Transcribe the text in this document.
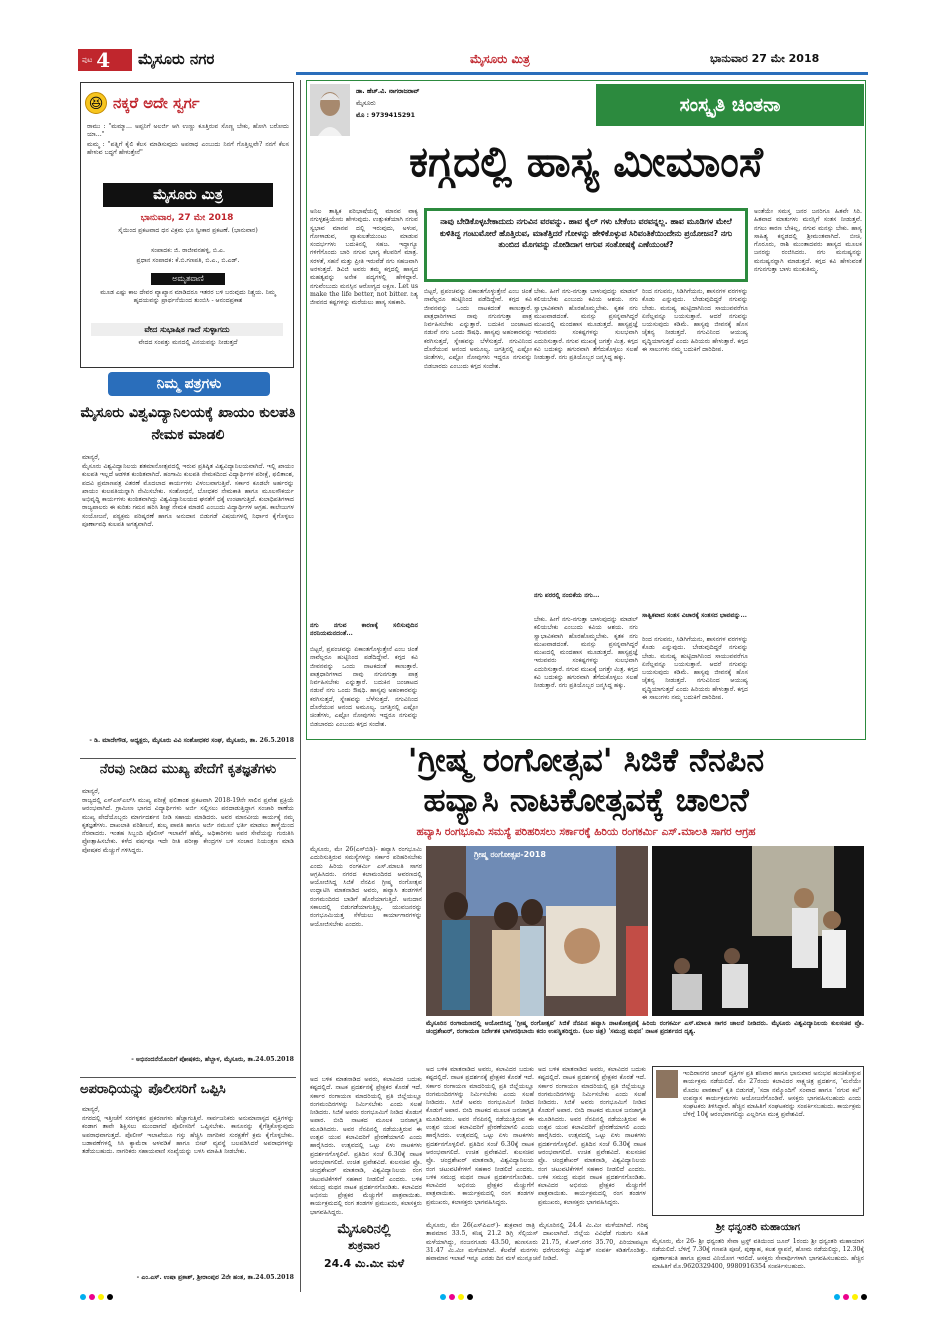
ಪುಟ 4 ಮೈಸೂರು ನಗರ	ಮೈಸೂರು ಮಿತ್ರ	ಭಾನುವಾರ 27 ಮೇ 2018
😆 ನಕ್ಕರೆ ಅದೇ ಸ್ವರ್ಗ
ರಾಮು : "ಮಮ್ಮಾ... ಅಪ್ಪನಿಗೆ ಅಲರ್ಜಿ ಆಗಿ ಉಣ್ಣು ಕೂತ್ತಿರುವ ಸೊಣ್ಣ ಬೇಕು, ಹೋಗಿ ಬರೋದು ಯಾ..."
ಮಮ್ಮ : "ಪತ್ನಿಗೆ ಕೈಲಿ ಕೆಲಸ ಮಾಡಿಸುವುದು ಅಪರಾಧ ಎಂಬುದು ನಿನಗೆ ಗೊತ್ತಿಲ್ಲವೇ? ನನಗೆ ಕೆಲಸ ಹೇಳುವ ಬದ್ಧಗೆ ಹೇಳುತ್ತೇನೆ"
ಮೈಸೂರು ಮಿತ್ರ
ಭಾನುವಾರ, 27 ಮೇ 2018
ಸೈಯಿಂದ ಪ್ರಕಟವಾದ ಧನ ವಿಕ್ರಮ ಭೂ ಸ್ವೀಕಾರ ಪ್ರಕಟಣೆ. (ಭಾನುವಾರ)
ಸಂಪಾದಕ: ಜಿ. ರಾಜೀವನಹಳ್ಳಿ, ಬಿ.ಎ.
ಪ್ರಧಾನ ಸಂಪಾದಕ: ಕೆ.ಬಿ.ಗಣಪತಿ, ಬಿ.ಎ., ಬಿ.ಎಡ್.
ಅಮೃತವಾಣಿ
ಮೂಡ ಎಷ್ಟು ಕಾಲ ದೇವರ ವ್ಯಾಖ್ಯಾನ ಮಾಡಿದರೂ ಇತರರ ಬಳಿ ಬರುವುದು ನಿಶ್ಚಯ. ನಿಮ್ಮ ಹೃದಯವನ್ನು ಪ್ರಾರ್ಥನೆಯಿಂದ ತುಂಬಿಸಿ - ಆನಂದಪ್ರಕಾಶ
ವೇದ ಸುಭಾಷಿತ ಗಾದೆ ಸುಳ್ಳಾಗದು
ವೇದದ ಸಂಪತ್ತು ಮನದಲ್ಲಿ ವಿನಯವನ್ನು ನೀಡುತ್ತದೆ
ನಿಮ್ಮ ಪತ್ರಗಳು
ಮೈಸೂರು ವಿಶ್ವವಿದ್ಯಾನಿಲಯಕ್ಕೆ ಖಾಯಂ ಕುಲಪತಿ ನೇಮಕ ಮಾಡಲಿ
ಮಾನ್ಯರೆ,
ಮೈಸೂರು ವಿಶ್ವವಿದ್ಯಾನಿಲಯ ಶತಮಾನೋತ್ಸವದಲ್ಲಿ ಇರುವ ಪ್ರತಿಷ್ಠಿತ ವಿಶ್ವವಿದ್ಯಾನಿಲಯವಾಗಿದೆ. ಇಲ್ಲಿ ಖಾಯಂ ಕುಲಪತಿ ಇಲ್ಲದೆ ಆಡಳಿತ ಕುಂಠಿತವಾಗಿದೆ. ಹಂಗಾಮಿ ಕುಲಪತಿ ನೇಮಕದಿಂದ ವಿದ್ಯಾರ್ಥಿಗಳ ಪರೀಕ್ಷೆ, ಫಲಿತಾಂಶ, ಪದವಿ ಪ್ರಮಾಣಪತ್ರ ವಿತರಣೆ ಮೊದಲಾದ ಕಾರ್ಯಗಳು ವಿಳಂಬವಾಗುತ್ತಿವೆ. ಸರ್ಕಾರ ಕೂಡಲೇ ಅರ್ಹರನ್ನು ಖಾಯಂ ಕುಲಪತಿಯನ್ನಾಗಿ ನೇಮಿಸಬೇಕು. ಸಂಶೋಧನೆ, ಬೋಧಕರ ನೇಮಕಾತಿ ಹಾಗೂ ಮೂಲಸೌಕರ್ಯ ಅಭಿವೃದ್ಧಿ ಕಾರ್ಯಗಳು ಕುಂಠಿತವಾಗಿದ್ದು ವಿಶ್ವವಿದ್ಯಾನಿಲಯದ ಘನತೆಗೆ ಧಕ್ಕೆ ಉಂಟಾಗುತ್ತಿದೆ. ಕುಲಾಧಿಪತಿಗಳಾದ ರಾಜ್ಯಪಾಲರು ಈ ಕುರಿತು ಗಮನ ಹರಿಸಿ ಶೀಘ್ರ ನೇಮಕ ಮಾಡಲಿ ಎಂಬುದು ವಿದ್ಯಾರ್ಥಿಗಳ ಆಗ್ರಹ. ಕಾಲೇಜುಗಳ ಸಂಯೋಜನೆ, ಪಠ್ಯಕ್ರಮ ಪರಿಷ್ಕರಣೆ ಹಾಗೂ ಅನುದಾನ ಬಿಡುಗಡೆ ವಿಷಯಗಳಲ್ಲಿ ನಿರ್ಧಾರ ಕೈಗೊಳ್ಳಲು ಪೂರ್ಣಾವಧಿ ಕುಲಪತಿ ಅಗತ್ಯವಾಗಿದೆ.
- ಡಿ. ಮಾದೇಗೌಡ, ಅಧ್ಯಕ್ಷರು, ಮೈಸೂರು ವಿವಿ ಸಂಶೋಧಕರ ಸಂಘ, ಮೈಸೂರು, ತಾ. 26.5.2018
ನೆರವು ನೀಡಿದ ಮುಖ್ಯ ಪೇದೆಗೆ ಕೃತಜ್ಞತೆಗಳು
ಮಾನ್ಯರೆ,
ರಾಜ್ಯದಲ್ಲಿ ಎಸ್ಎಸ್ಎಲ್‌ಸಿ ಮುಖ್ಯ ಪರೀಕ್ಷೆ ಫಲಿತಾಂಶ ಪ್ರಕಟವಾಗಿ 2018-19ನೇ ಸಾಲಿನ ಪ್ರವೇಶ ಪ್ರಕ್ರಿಯೆ ಆರಂಭವಾಗಿದೆ. ಗ್ರಾಮೀಣ ಭಾಗದ ವಿದ್ಯಾರ್ಥಿಗಳು ಅರ್ಜಿ ಸಲ್ಲಿಸಲು ಪರದಾಡುತ್ತಿದ್ದಾಗ ಸಂಚಾರಿ ಠಾಣೆಯ ಮುಖ್ಯ ಪೇದೆಯೊಬ್ಬರು ಮಾರ್ಗದರ್ಶನ ನೀಡಿ ಸಹಾಯ ಮಾಡಿದರು. ಅವರ ಮಾನವೀಯ ಕಾರ್ಯಕ್ಕೆ ನಮ್ಮ ಕೃತಜ್ಞತೆಗಳು. ದಾಖಲಾತಿ ಪರಿಶೀಲನೆ, ಶುಲ್ಕ ಪಾವತಿ ಹಾಗೂ ಅರ್ಜಿ ನಮೂನೆ ಭರ್ತಿ ಮಾಡಲು ತಾಳ್ಮೆಯಿಂದ ನೆರವಾದರು. ಇಂತಹ ಸಿಬ್ಬಂದಿ ಪೊಲೀಸ್ ಇಲಾಖೆಗೆ ಹೆಮ್ಮೆ. ಅಧಿಕಾರಿಗಳು ಅವರ ಸೇವೆಯನ್ನು ಗುರುತಿಸಿ ಪ್ರೋತ್ಸಾಹಿಸಬೇಕು. ಕಳೆದ ವರ್ಷವೂ ಇದೇ ರೀತಿ ಪರೀಕ್ಷಾ ಕೇಂದ್ರಗಳ ಬಳಿ ಸಂಚಾರ ನಿಯಂತ್ರಣ ಮಾಡಿ ಪೋಷಕರ ಮೆಚ್ಚುಗೆ ಗಳಿಸಿದ್ದರು.
- ಅಭಿನಂದನೆಯೊಂದಿಗೆ ಪೋಷಕರು, ಹೆಬ್ಬಾಳ, ಮೈಸೂರು, ತಾ.24.05.2018
ಅಪರಾಧಿಯನ್ನು ಪೊಲೀಸರಿಗೆ ಒಪ್ಪಿಸಿ
ಮಾನ್ಯರೆ,
ನಗರದಲ್ಲಿ ಇತ್ತೀಚೆಗೆ ಸರಗಳ್ಳತನ ಪ್ರಕರಣಗಳು ಹೆಚ್ಚಾಗುತ್ತಿವೆ. ಸಾರ್ವಜನಿಕರು ಅನುಮಾನಾಸ್ಪದ ವ್ಯಕ್ತಿಗಳನ್ನು ಕಂಡಾಗ ತಾವೇ ಶಿಕ್ಷಿಸಲು ಮುಂದಾಗದೆ ಪೊಲೀಸರಿಗೆ ಒಪ್ಪಿಸಬೇಕು. ಕಾನೂನನ್ನು ಕೈಗೆತ್ತಿಕೊಳ್ಳುವುದು ಅಪರಾಧವಾಗುತ್ತದೆ. ಪೊಲೀಸ್ ಇಲಾಖೆಯೂ ಗಸ್ತು ಹೆಚ್ಚಿಸಿ ನಾಗರಿಕರ ಸುರಕ್ಷತೆಗೆ ಕ್ರಮ ಕೈಗೊಳ್ಳಬೇಕು. ಬಡಾವಣೆಗಳಲ್ಲಿ ಸಿಸಿ ಕ್ಯಾಮೆರಾ ಅಳವಡಿಕೆ ಹಾಗೂ ಬೀಟ್ ವ್ಯವಸ್ಥೆ ಬಲಪಡಿಸಿದರೆ ಅಪರಾಧಗಳನ್ನು ತಡೆಯಬಹುದು. ನಾಗರಿಕರು ಸಹಾಯವಾಣಿ ಸಂಖ್ಯೆಯನ್ನು ಬಳಸಿ ಮಾಹಿತಿ ನೀಡಬೇಕು.
- ಎಂ.ಎಸ್. ಉಷಾ ಪ್ರಕಾಶ್, ಶ್ರೀರಾಂಪುರ 2ನೇ ಹಂತ, ತಾ.24.05.2018
ಡಾ. ಹೆಚ್.ವಿ. ನಾಗರಾಜರಾವ್
ಮೈಸೂರು
ಮೊ : 9739415291	ಸಂಸ್ಕೃತಿ ಚಿಂತನಾ
ಕಗ್ಗದಲ್ಲಿ ಹಾಸ್ಯ ಮೀಮಾಂಸೆ
ನಾವು ಬೇಡಿಕೊಳ್ಳಬೇಕಾದುದು ನಗುವಿನ ವರವನ್ನು. ಹಾವ ಕೈಲ್ ಗಳು ಬೇಕೆಂಬ ವರವನ್ನಲ್ಲ. ಹಾವ ಮೂಡಿಗಳ ಮೇಲೆ ಕುಳಿತಿದ್ದ ಗಂಟುಮೋರೆ ಹೊತ್ತಿರುವ, ಮಾತೆತ್ತಿದರೆ ಗೋಳನ್ನು ಹೇಳಿಕೊಳ್ಳುವ ಸಿರಿವಂತಿಕೆಯಿಂದೇನು ಪ್ರಯೋಜನ? ನಗು ತುಂಬಿದ ಮೊಗವನ್ನು ನೋಡಿದಾಗ ಆಗುವ ಸಂತೋಷಕ್ಕೆ ಎಣೆಯುಂಟೆ?
ಅನಿಲ ತಾತ್ವಿಕ ಪರಿಭಾಷೆಯಲ್ಲಿ ಮಾನವ ವಾಕ್ಯ ನಗುಳ್ಳಶಕ್ತಿಯೇನು ಹೇಳುವುದು. ಉತ್ಸುಕತೆಯಾಗಿ ನಗುವ ಸ್ವಭಾವ ಮಾನವ ದಲ್ಲಿ ಇರುವುದು, ಅಳುವ, ಗೋಳಾಡುವ, ವ್ಯಾಕುಲತೆಯುಂಟು ಮಾಡುವ ಸಂದರ್ಭಗಳು ಬದುಕಿನಲ್ಲಿ ಸಹಜ. ಇದ್ದಾಗ್ಯೂ ಗಳಿಗೆಗೊಂದು ಬಾರಿ ನಗುವ ಭಾಗ್ಯ ಕೆಲವರಿಗೆ ಮಾತ್ರ. ಸರಳತೆ, ಸಹನೆ ಮತ್ತು ಪ್ರೀತಿ ಇರುವೆಡೆ ನಗು ಸಹಜವಾಗಿ ಅರಳುತ್ತದೆ. ಡಿವಿಜಿ ಅವರು ತಮ್ಮ ಕಗ್ಗದಲ್ಲಿ ಹಾಸ್ಯದ ಮಹತ್ವವನ್ನು ಅನೇಕ ಪದ್ಯಗಳಲ್ಲಿ ಹೇಳಿದ್ದಾರೆ. ನಗುವೆಂಬುದು ಮನಸ್ಸಿನ ಆರೋಗ್ಯದ ಲಕ್ಷಣ. Let us make the life better, not bitter. ನಿತ್ಯ ಜೀವನದ ಕಷ್ಟಗಳನ್ನು ಮರೆಯಲು ಹಾಸ್ಯ ಸಹಕಾರಿ.
ನಗು ನಗುವ ಕಾರಣಕ್ಕೆ ಸಲಿಸುವುದಿನ ನರನಿಯಮನದಂತೆ...
ಬಿಟ್ಟರೆ, ಪ್ರಪಂಚವನ್ನು ಏಕಾಂತಗೊಳ್ಳುತ್ತೇನೆ ಎಂಬ ಚಿಂತೆ ನಾವೆಲ್ಲರೂ ಹುಟ್ಟಿನಿಂದ ಪಡೆದಿದ್ದೇವೆ. ಕಗ್ಗದ ಕವಿ ಜೀವನವನ್ನು ಒಂದು ನಾಟಕದಂತೆ ಕಾಣುತ್ತಾರೆ. ಪಾತ್ರಧಾರಿಗಳಾದ ನಾವು ನಗುನಗುತ್ತಾ ಪಾತ್ರ ನಿರ್ವಹಿಸಬೇಕು ಎನ್ನುತ್ತಾರೆ. ಬದುಕಿನ ಜಂಜಾಟದ ನಡುವೆ ನಗು ಒಂದು ಔಷಧಿ. ಹಾಸ್ಯವು ಅಹಂಕಾರವನ್ನು ಕರಗಿಸುತ್ತದೆ, ಸ್ನೇಹವನ್ನು ಬೆಳೆಸುತ್ತದೆ. ನಗುವಿನಿಂದ ದೊರೆಯುವ ಆನಂದ ಅಮೂಲ್ಯ. ಜಗತ್ತಿನಲ್ಲಿ ಎಷ್ಟೋ ಚಿಂತೆಗಳು, ಎಷ್ಟೋ ನೋವುಗಳು ಇದ್ದರೂ ನಗುವನ್ನು ಬಿಡಬಾರದು ಎಂಬುದು ಕಗ್ಗದ ಸಂದೇಶ.
ಬಿಟ್ಟರೆ, ಪ್ರಪಂಚವನ್ನು ಏಕಾಂತಗೊಳ್ಳುತ್ತೇನೆ ಎಂಬ ಚಿಂತೆ ನಾವೆಲ್ಲರೂ ಹುಟ್ಟಿನಿಂದ ಪಡೆದಿದ್ದೇವೆ. ಕಗ್ಗದ ಕವಿ ಜೀವನವನ್ನು ಒಂದು ನಾಟಕದಂತೆ ಕಾಣುತ್ತಾರೆ. ಪಾತ್ರಧಾರಿಗಳಾದ ನಾವು ನಗುನಗುತ್ತಾ ಪಾತ್ರ ನಿರ್ವಹಿಸಬೇಕು ಎನ್ನುತ್ತಾರೆ. ಬದುಕಿನ ಜಂಜಾಟದ ನಡುವೆ ನಗು ಒಂದು ಔಷಧಿ. ಹಾಸ್ಯವು ಅಹಂಕಾರವನ್ನು ಕರಗಿಸುತ್ತದೆ, ಸ್ನೇಹವನ್ನು ಬೆಳೆಸುತ್ತದೆ. ನಗುವಿನಿಂದ ದೊರೆಯುವ ಆನಂದ ಅಮೂಲ್ಯ. ಜಗತ್ತಿನಲ್ಲಿ ಎಷ್ಟೋ ಚಿಂತೆಗಳು, ಎಷ್ಟೋ ನೋವುಗಳು ಇದ್ದರೂ ನಗುವನ್ನು ಬಿಡಬಾರದು ಎಂಬುದು ಕಗ್ಗದ ಸಂದೇಶ.
ಬೇಕು. ಹೀಗೆ ನಗು-ನಗುತ್ತಾ ಬಾಳುವುದನ್ನು ಮಾಡಲ್ ಕಲಿಯಬೇಕು ಎಂಬುದು ಕವಿಯ ಆಶಯ. ನಗು ಸ್ವಾಭಾವಿಕವಾಗಿ ಹೊರಹೊಮ್ಮಬೇಕು. ಕೃತಕ ನಗು ಮುಖವಾಡದಂತೆ. ಮನಸ್ಸು ಪ್ರಸನ್ನವಾಗಿದ್ದರೆ ಮುಖದಲ್ಲಿ ಮಂದಹಾಸ ಮೂಡುತ್ತದೆ. ಹಾಸ್ಯಪ್ರಜ್ಞೆ ಇರುವವರು ಸಂಕಷ್ಟಗಳನ್ನು ಸುಲಭವಾಗಿ ಎದುರಿಸುತ್ತಾರೆ. ನಗುವ ಮುಖಕ್ಕೆ ಜಗತ್ತೇ ಮಿತ್ರ. ಕಗ್ಗದ ಕವಿ ಬದುಕನ್ನು ಹಗುರವಾಗಿ ತೆಗೆದುಕೊಳ್ಳಲು ಸಲಹೆ ನೀಡುತ್ತಾರೆ. ನಗು ಪ್ರತಿಯೊಬ್ಬರ ಜನ್ಮಸಿದ್ಧ ಹಕ್ಕು.
ನಗು ಪರರಲ್ಲಿ ನಂಬಿಕೆಯ ನಗು...
ಬೇಕು. ಹೀಗೆ ನಗು-ನಗುತ್ತಾ ಬಾಳುವುದನ್ನು ಮಾಡಲ್ ಕಲಿಯಬೇಕು ಎಂಬುದು ಕವಿಯ ಆಶಯ. ನಗು ಸ್ವಾಭಾವಿಕವಾಗಿ ಹೊರಹೊಮ್ಮಬೇಕು. ಕೃತಕ ನಗು ಮುಖವಾಡದಂತೆ. ಮನಸ್ಸು ಪ್ರಸನ್ನವಾಗಿದ್ದರೆ ಮುಖದಲ್ಲಿ ಮಂದಹಾಸ ಮೂಡುತ್ತದೆ. ಹಾಸ್ಯಪ್ರಜ್ಞೆ ಇರುವವರು ಸಂಕಷ್ಟಗಳನ್ನು ಸುಲಭವಾಗಿ ಎದುರಿಸುತ್ತಾರೆ. ನಗುವ ಮುಖಕ್ಕೆ ಜಗತ್ತೇ ಮಿತ್ರ. ಕಗ್ಗದ ಕವಿ ಬದುಕನ್ನು ಹಗುರವಾಗಿ ತೆಗೆದುಕೊಳ್ಳಲು ಸಲಹೆ ನೀಡುತ್ತಾರೆ. ನಗು ಪ್ರತಿಯೊಬ್ಬರ ಜನ್ಮಸಿದ್ಧ ಹಕ್ಕು.
ರಿಂದ ನಗುವನು, ಸಿಡಿಗಿಗೆಯನು, ಶಾಸನಗಳ ವರಗಳನ್ನು ಕೊಡು ಎನ್ನುವುದು. ಬೇಡುವುದಿದ್ದರೆ ನಗುವನ್ನು ಬೇಡು. ಮನುಷ್ಯ ಹುಟ್ಟಿದಾಗಿನಿಂದ ಸಾಯುವವರೆಗೂ ಏನೆಲ್ಲವನ್ನೂ ಬಯಸುತ್ತಾನೆ. ಆದರೆ ನಗುವನ್ನು ಬಯಸುವುದು ಕಡಿಮೆ. ಹಾಸ್ಯವು ಜೀವನಕ್ಕೆ ಹೊಸ ಚೈತನ್ಯ ನೀಡುತ್ತದೆ. ನಗುವಿನಿಂದ ಆಯುಷ್ಯ ವೃದ್ಧಿಯಾಗುತ್ತದೆ ಎಂದು ಹಿರಿಯರು ಹೇಳುತ್ತಾರೆ. ಕಗ್ಗದ ಈ ಸಾಲುಗಳು ನಮ್ಮ ಬದುಕಿಗೆ ದಾರಿದೀಪ.
ಸಾತ್ವಿಕವಾದ ಸಂತಸ ವಿಚಾರಕ್ಕೆ ಸಂತಸದ ಭಾವವನ್ನು...
ರಿಂದ ನಗುವನು, ಸಿಡಿಗಿಗೆಯನು, ಶಾಸನಗಳ ವರಗಳನ್ನು ಕೊಡು ಎನ್ನುವುದು. ಬೇಡುವುದಿದ್ದರೆ ನಗುವನ್ನು ಬೇಡು. ಮನುಷ್ಯ ಹುಟ್ಟಿದಾಗಿನಿಂದ ಸಾಯುವವರೆಗೂ ಏನೆಲ್ಲವನ್ನೂ ಬಯಸುತ್ತಾನೆ. ಆದರೆ ನಗುವನ್ನು ಬಯಸುವುದು ಕಡಿಮೆ. ಹಾಸ್ಯವು ಜೀವನಕ್ಕೆ ಹೊಸ ಚೈತನ್ಯ ನೀಡುತ್ತದೆ. ನಗುವಿನಿಂದ ಆಯುಷ್ಯ ವೃದ್ಧಿಯಾಗುತ್ತದೆ ಎಂದು ಹಿರಿಯರು ಹೇಳುತ್ತಾರೆ. ಕಗ್ಗದ ಈ ಸಾಲುಗಳು ನಮ್ಮ ಬದುಕಿಗೆ ದಾರಿದೀಪ.
ಅಂತೆಯೇ ಸಮಸ್ತ ಜನರ ಜನರಿಗೂ ಹಿತವೇ ಸಿರಿ. ಹಿತವಾದ ಮಾತುಗಳು ಮನಸ್ಸಿಗೆ ಸಂತಸ ನೀಡುತ್ತವೆ. ನಗಲು ಕಾರಣ ಬೇಕಿಲ್ಲ, ನಗುವ ಮನಸ್ಸು ಬೇಕು. ಹಾಸ್ಯ ಸಾಹಿತ್ಯ ಕನ್ನಡದಲ್ಲಿ ಶ್ರೀಮಂತವಾಗಿದೆ. ಬೀಚಿ, ಗೊರೂರು, ರಾಶಿ ಮುಂತಾದವರು ಹಾಸ್ಯದ ಮೂಲಕ ಜನರನ್ನು ರಂಜಿಸಿದರು. ನಗು ಮನುಷ್ಯನನ್ನು ಮನುಷ್ಯನನ್ನಾಗಿ ಮಾಡುತ್ತದೆ. ಕಗ್ಗದ ಕವಿ ಹೇಳುವಂತೆ ನಗುನಗುತ್ತಾ ಬಾಳು ಮಂಕುತಿಮ್ಮ.
'ಗ್ರೀಷ್ಮ ರಂಗೋತ್ಸವ' ಸಿಜಿಕೆ ನೆನಪಿನ
ಹವ್ಯಾಸಿ ನಾಟಕೋತ್ಸವಕ್ಕೆ ಚಾಲನೆ
ಹವ್ಯಾಸಿ ರಂಗಭೂಮಿ ಸಮಸ್ಯೆ ಪರಿಹರಿಸಲು ಸರ್ಕಾರಕ್ಕೆ ಹಿರಿಯ ರಂಗಕರ್ಮಿ ಎಸ್.ಮಾಲತಿ ಸಾಗರ ಆಗ್ರಹ
ಮೈಸೂರು, ಮೇ 26(ಎಸ್‌ಬಿಡಿ)- ಹವ್ಯಾಸಿ ರಂಗಭೂಮಿ ಎದುರಿಸುತ್ತಿರುವ ಸಮಸ್ಯೆಗಳನ್ನು ಸರ್ಕಾರ ಪರಿಹರಿಸಬೇಕು ಎಂದು ಹಿರಿಯ ರಂಗಕರ್ಮಿ ಎಸ್.ಮಾಲತಿ ಸಾಗರ ಆಗ್ರಹಿಸಿದರು. ನಗರದ ಕಲಾಮಂದಿರದ ಆವರಣದಲ್ಲಿ ಆಯೋಜಿಸಿದ್ದ ಸಿಜಿಕೆ ನೆನಪಿನ ಗ್ರೀಷ್ಮ ರಂಗೋತ್ಸವ ಉದ್ಘಾಟಿಸಿ ಮಾತನಾಡಿದ ಅವರು, ಹವ್ಯಾಸಿ ತಂಡಗಳಿಗೆ ರಂಗಮಂದಿರದ ಬಾಡಿಗೆ ಹೊರೆಯಾಗುತ್ತಿದೆ. ಅನುದಾನ ಸಕಾಲದಲ್ಲಿ ಬಿಡುಗಡೆಯಾಗುತ್ತಿಲ್ಲ. ಯುವಜನರನ್ನು ರಂಗಭೂಮಿಯತ್ತ ಸೆಳೆಯಲು ಕಾರ್ಯಾಗಾರಗಳನ್ನು ಆಯೋಜಿಸಬೇಕು ಎಂದರು.
ಗ್ರೀಷ್ಮ ರಂಗೋತ್ಸವ-2018
ಮೈಸೂರಿನ ರಂಗಾಯಣದಲ್ಲಿ ಆಯೋಜಿಸಿದ್ದ 'ಗ್ರೀಷ್ಮ ರಂಗೋತ್ಸವ' ಸಿಜಿಕೆ ನೆನಪಿನ ಹವ್ಯಾಸಿ ನಾಟಕೋತ್ಸವಕ್ಕೆ ಹಿರಿಯ ರಂಗಕರ್ಮಿ ಎಸ್.ಮಾಲತಿ ಸಾಗರ ಚಾಲನೆ ನೀಡಿದರು. ಮೈಸೂರು ವಿಶ್ವವಿದ್ಯಾನಿಲಯ ಕುಲಸಚಿವ ಪ್ರೊ. ಚಂದ್ರಶೇಖರ್, ರಂಗಾಯಣ ನಿರ್ದೇಶಕ ಭಾಗೀರಥಿಬಾಯಿ ಕದಂ ಉಪಸ್ಥಿತರಿದ್ದರು. (ಬಲ ಚಿತ್ರ) 'ಸಮುದ್ರ ಮಥನ' ನಾಟಕ ಪ್ರದರ್ಶನದ ದೃಶ್ಯ.
ಅದ ಬಳಿಕ ಮಾತನಾಡಿದ ಅವರು, ಕಲಾವಿದರ ಬದುಕು ಕಷ್ಟದಲ್ಲಿದೆ. ನಾಟಕ ಪ್ರದರ್ಶನಕ್ಕೆ ಪ್ರೇಕ್ಷಕರ ಕೊರತೆ ಇದೆ. ಸರ್ಕಾರ ರಂಗಾಯಣ ಮಾದರಿಯಲ್ಲಿ ಪ್ರತಿ ಜಿಲ್ಲೆಯಲ್ಲೂ ರಂಗಮಂದಿರಗಳನ್ನು ನಿರ್ಮಿಸಬೇಕು ಎಂದು ಸಲಹೆ ನೀಡಿದರು. ಸಿಜಿಕೆ ಅವರು ರಂಗಭೂಮಿಗೆ ನೀಡಿದ ಕೊಡುಗೆ ಅಪಾರ. ಬೀದಿ ನಾಟಕದ ಮೂಲಕ ಜನಜಾಗೃತಿ ಮೂಡಿಸಿದರು. ಅವರ ನೆನಪಿನಲ್ಲಿ ನಡೆಯುತ್ತಿರುವ ಈ ಉತ್ಸವ ಯುವ ಕಲಾವಿದರಿಗೆ ಪ್ರೇರಣೆಯಾಗಲಿ ಎಂದು ಹಾರೈಸಿದರು. ಉತ್ಸವದಲ್ಲಿ ಒಟ್ಟು ಏಳು ನಾಟಕಗಳು ಪ್ರದರ್ಶನಗೊಳ್ಳಲಿವೆ. ಪ್ರತಿದಿನ ಸಂಜೆ 6.30ಕ್ಕೆ ನಾಟಕ ಆರಂಭವಾಗಲಿದೆ. ಉಚಿತ ಪ್ರವೇಶವಿದೆ. ಕುಲಸಚಿವ ಪ್ರೊ. ಚಂದ್ರಶೇಖರ್ ಮಾತನಾಡಿ, ವಿಶ್ವವಿದ್ಯಾನಿಲಯ ರಂಗ ಚಟುವಟಿಕೆಗಳಿಗೆ ಸಹಕಾರ ನೀಡಲಿದೆ ಎಂದರು. ಬಳಿಕ ಸಮುದ್ರ ಮಥನ ನಾಟಕ ಪ್ರದರ್ಶನಗೊಂಡಿತು. ಕಲಾವಿದರ ಅಭಿನಯ ಪ್ರೇಕ್ಷಕರ ಮೆಚ್ಚುಗೆಗೆ ಪಾತ್ರವಾಯಿತು. ಕಾರ್ಯಕ್ರಮದಲ್ಲಿ ರಂಗ ತಂಡಗಳ ಪ್ರಮುಖರು, ಕಲಾಸಕ್ತರು ಭಾಗವಹಿಸಿದ್ದರು.
ಅದ ಬಳಿಕ ಮಾತನಾಡಿದ ಅವರು, ಕಲಾವಿದರ ಬದುಕು ಕಷ್ಟದಲ್ಲಿದೆ. ನಾಟಕ ಪ್ರದರ್ಶನಕ್ಕೆ ಪ್ರೇಕ್ಷಕರ ಕೊರತೆ ಇದೆ. ಸರ್ಕಾರ ರಂಗಾಯಣ ಮಾದರಿಯಲ್ಲಿ ಪ್ರತಿ ಜಿಲ್ಲೆಯಲ್ಲೂ ರಂಗಮಂದಿರಗಳನ್ನು ನಿರ್ಮಿಸಬೇಕು ಎಂದು ಸಲಹೆ ನೀಡಿದರು. ಸಿಜಿಕೆ ಅವರು ರಂಗಭೂಮಿಗೆ ನೀಡಿದ ಕೊಡುಗೆ ಅಪಾರ. ಬೀದಿ ನಾಟಕದ ಮೂಲಕ ಜನಜಾಗೃತಿ ಮೂಡಿಸಿದರು. ಅವರ ನೆನಪಿನಲ್ಲಿ ನಡೆಯುತ್ತಿರುವ ಈ ಉತ್ಸವ ಯುವ ಕಲಾವಿದರಿಗೆ ಪ್ರೇರಣೆಯಾಗಲಿ ಎಂದು ಹಾರೈಸಿದರು. ಉತ್ಸವದಲ್ಲಿ ಒಟ್ಟು ಏಳು ನಾಟಕಗಳು ಪ್ರದರ್ಶನಗೊಳ್ಳಲಿವೆ. ಪ್ರತಿದಿನ ಸಂಜೆ 6.30ಕ್ಕೆ ನಾಟಕ ಆರಂಭವಾಗಲಿದೆ. ಉಚಿತ ಪ್ರವೇಶವಿದೆ. ಕುಲಸಚಿವ ಪ್ರೊ. ಚಂದ್ರಶೇಖರ್ ಮಾತನಾಡಿ, ವಿಶ್ವವಿದ್ಯಾನಿಲಯ ರಂಗ ಚಟುವಟಿಕೆಗಳಿಗೆ ಸಹಕಾರ ನೀಡಲಿದೆ ಎಂದರು. ಬಳಿಕ ಸಮುದ್ರ ಮಥನ ನಾಟಕ ಪ್ರದರ್ಶನಗೊಂಡಿತು. ಕಲಾವಿದರ ಅಭಿನಯ ಪ್ರೇಕ್ಷಕರ ಮೆಚ್ಚುಗೆಗೆ ಪಾತ್ರವಾಯಿತು. ಕಾರ್ಯಕ್ರಮದಲ್ಲಿ ರಂಗ ತಂಡಗಳ ಪ್ರಮುಖರು, ಕಲಾಸಕ್ತರು ಭಾಗವಹಿಸಿದ್ದರು.
ಅದ ಬಳಿಕ ಮಾತನಾಡಿದ ಅವರು, ಕಲಾವಿದರ ಬದುಕು ಕಷ್ಟದಲ್ಲಿದೆ. ನಾಟಕ ಪ್ರದರ್ಶನಕ್ಕೆ ಪ್ರೇಕ್ಷಕರ ಕೊರತೆ ಇದೆ. ಸರ್ಕಾರ ರಂಗಾಯಣ ಮಾದರಿಯಲ್ಲಿ ಪ್ರತಿ ಜಿಲ್ಲೆಯಲ್ಲೂ ರಂಗಮಂದಿರಗಳನ್ನು ನಿರ್ಮಿಸಬೇಕು ಎಂದು ಸಲಹೆ ನೀಡಿದರು. ಸಿಜಿಕೆ ಅವರು ರಂಗಭೂಮಿಗೆ ನೀಡಿದ ಕೊಡುಗೆ ಅಪಾರ. ಬೀದಿ ನಾಟಕದ ಮೂಲಕ ಜನಜಾಗೃತಿ ಮೂಡಿಸಿದರು. ಅವರ ನೆನಪಿನಲ್ಲಿ ನಡೆಯುತ್ತಿರುವ ಈ ಉತ್ಸವ ಯುವ ಕಲಾವಿದರಿಗೆ ಪ್ರೇರಣೆಯಾಗಲಿ ಎಂದು ಹಾರೈಸಿದರು. ಉತ್ಸವದಲ್ಲಿ ಒಟ್ಟು ಏಳು ನಾಟಕಗಳು ಪ್ರದರ್ಶನಗೊಳ್ಳಲಿವೆ. ಪ್ರತಿದಿನ ಸಂಜೆ 6.30ಕ್ಕೆ ನಾಟಕ ಆರಂಭವಾಗಲಿದೆ. ಉಚಿತ ಪ್ರವೇಶವಿದೆ. ಕುಲಸಚಿವ ಪ್ರೊ. ಚಂದ್ರಶೇಖರ್ ಮಾತನಾಡಿ, ವಿಶ್ವವಿದ್ಯಾನಿಲಯ ರಂಗ ಚಟುವಟಿಕೆಗಳಿಗೆ ಸಹಕಾರ ನೀಡಲಿದೆ ಎಂದರು. ಬಳಿಕ ಸಮುದ್ರ ಮಥನ ನಾಟಕ ಪ್ರದರ್ಶನಗೊಂಡಿತು. ಕಲಾವಿದರ ಅಭಿನಯ ಪ್ರೇಕ್ಷಕರ ಮೆಚ್ಚುಗೆಗೆ ಪಾತ್ರವಾಯಿತು. ಕಾರ್ಯಕ್ರಮದಲ್ಲಿ ರಂಗ ತಂಡಗಳ ಪ್ರಮುಖರು, ಕಲಾಸಕ್ತರು ಭಾಗವಹಿಸಿದ್ದರು.
ಇಂದಿರಾನಗರ ಜಾಂಜ್ ವ್ಯಕ್ತಿಗಳ ಪ್ರತಿ ಶನಿವಾರ ಹಾಗೂ ಭಾನುವಾರ ಅನುಭವ ಹಂಚಿಕೊಳ್ಳುವ ಕಾರ್ಯಕ್ರಮ ನಡೆಯಲಿದೆ. ಮೇ 27ರಂದು ಕಲಾವಿದರ ಸಾಕ್ಷ್ಯಚಿತ್ರ ಪ್ರದರ್ಶನ, 'ಮನೆಯೇ ಮೊದಲ ಪಾಠಶಾಲೆ' ಕೃತಿ ಬಿಡುಗಡೆ, 'ಸದಾ ನಮ್ಮೊಂದಿಗೆ' ಸಂವಾದ ಹಾಗೂ 'ನಗುವ ಕಲೆ' ಉಪನ್ಯಾಸ ಕಾರ್ಯಕ್ರಮಗಳು ಆಯೋಜನೆಗೊಂಡಿವೆ. ಆಸಕ್ತರು ಭಾಗವಹಿಸಬಹುದು ಎಂದು ಸಂಘಟಕರು ತಿಳಿಸಿದ್ದಾರೆ. ಹೆಚ್ಚಿನ ಮಾಹಿತಿಗೆ ಸಂಘಟಕರನ್ನು ಸಂಪರ್ಕಿಸಬಹುದು. ಕಾರ್ಯಕ್ರಮ ಬೆಳಿಗ್ಗೆ 10ಕ್ಕೆ ಆರಂಭವಾಗಲಿದ್ದು ಎಲ್ಲರಿಗೂ ಮುಕ್ತ ಪ್ರವೇಶವಿದೆ.
ಮೈಸೂರಿನಲ್ಲಿ
ಶುಕ್ರವಾರ
24.4 ಮಿ.ಮೀ ಮಳೆ
ಮೈಸೂರು, ಮೇ 26(ಎಸ್‌ಪಿಎನ್)- ಶುಕ್ರವಾರ ರಾತ್ರಿ ಮೈಸೂರಿನಲ್ಲಿ 24.4 ಮಿ.ಮೀ ಮಳೆಯಾಗಿದೆ. ಗರಿಷ್ಠ ತಾಪಮಾನ 33.5, ಕನಿಷ್ಠ 21.2 ಡಿಗ್ರಿ ಸೆಲ್ಸಿಯಸ್ ದಾಖಲಾಗಿದೆ. ಜಿಲ್ಲೆಯ ವಿವಿಧೆಡೆ ಗುಡುಗು ಸಹಿತ ಮಳೆಯಾಗಿದ್ದು, ನಂಜನಗೂಡು 43.50, ಹುಣಸೂರು 21.75, ಕೆ.ಆರ್.ನಗರ 35.70, ಪಿರಿಯಾಪಟ್ಟಣ 31.47 ಮಿ.ಮೀ ಮಳೆಯಾಗಿದೆ. ಕೆಲವೆಡೆ ಮರಗಳು ಧರೆಗುರುಳಿದ್ದು ವಿದ್ಯುತ್ ಸಂಪರ್ಕ ಕಡಿತಗೊಂಡಿತ್ತು. ಹವಾಮಾನ ಇಲಾಖೆ ಇನ್ನೂ ಎರಡು ದಿನ ಮಳೆ ಮುನ್ಸೂಚನೆ ನೀಡಿದೆ.
ಶ್ರೀ ಧನ್ವಂತರಿ ಮಹಾಯಾಗ
ಮೈಸೂರು, ಮೇ 26- ಶ್ರೀ ಧನ್ವಂತರಿ ಸೇವಾ ಟ್ರಸ್ಟ್ ವತಿಯಿಂದ ಜೂನ್ 1ರಂದು ಶ್ರೀ ಧನ್ವಂತರಿ ಮಹಾಯಾಗ ನಡೆಯಲಿದೆ. ಬೆಳಿಗ್ಗೆ 7.30ಕ್ಕೆ ಗಣಪತಿ ಪೂಜೆ, ಪುಣ್ಯಾಹ, ಕಲಶ ಸ್ಥಾಪನೆ, ಹೋಮ ನಡೆಯಲಿದ್ದು, 12.30ಕ್ಕೆ ಪೂರ್ಣಾಹುತಿ ಹಾಗೂ ಪ್ರಸಾದ ವಿನಿಯೋಗ ಇರಲಿದೆ. ಆಸಕ್ತರು ಸೇವಾರ್ಥಿಗಳಾಗಿ ಭಾಗವಹಿಸಬಹುದು. ಹೆಚ್ಚಿನ ಮಾಹಿತಿಗೆ ಮೊ.9620329400, 9980916354 ಸಂಪರ್ಕಿಸಬಹುದು.
